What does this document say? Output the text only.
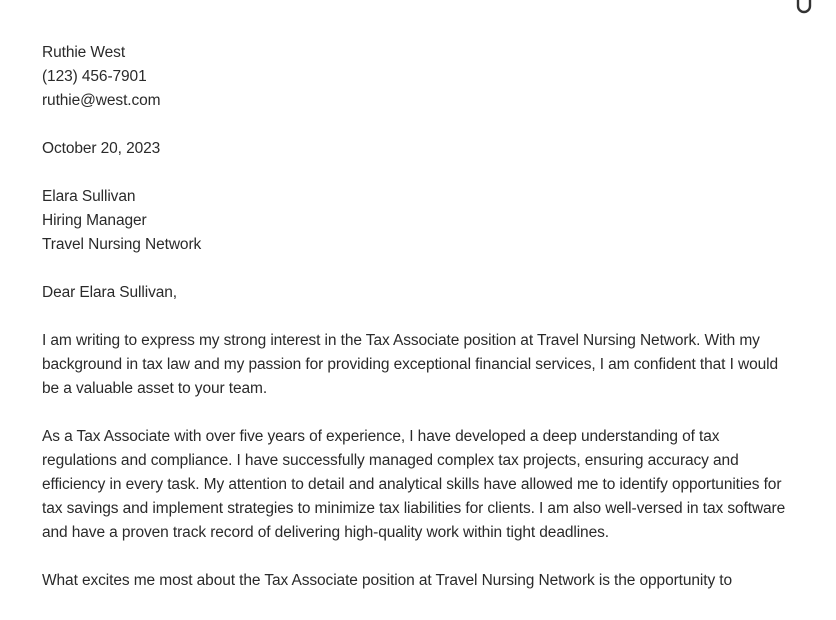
Ruthie West
(123) 456-7901
ruthie@west.com
October 20, 2023
Elara Sullivan
Hiring Manager
Travel Nursing Network
Dear Elara Sullivan,

I am writing to express my strong interest in the Tax Associate position at Travel Nursing Network. With my background in tax law and my passion for providing exceptional financial services, I am confident that I would be a valuable asset to your team.

As a Tax Associate with over five years of experience, I have developed a deep understanding of tax regulations and compliance. I have successfully managed complex tax projects, ensuring accuracy and efficiency in every task. My attention to detail and analytical skills have allowed me to identify opportunities for tax savings and implement strategies to minimize tax liabilities for clients. I am also well-versed in tax software and have a proven track record of delivering high-quality work within tight deadlines.

What excites me most about the Tax Associate position at Travel Nursing Network is the opportunity to
